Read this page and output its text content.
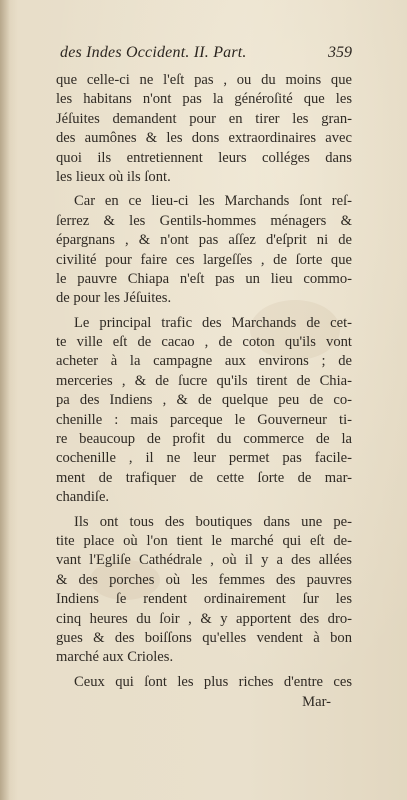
des Indes Occident. II. Part.	359

que celle-ci ne l'eſt pas , ou du moins que
les habitans n'ont pas la généroſité que les
Jéſuites demandent pour en tirer les gran-
des aumônes & les dons extraordinaires avec
quoi ils entretiennent leurs colléges dans
les lieux où ils ſont.

Car en ce lieu-ci les Marchands ſont reſ-
ſerrez & les Gentils-hommes ménagers &
épargnans , & n'ont pas aſſez d'eſprit ni de
civilité pour faire ces largeſſes , de ſorte que
le pauvre Chiapa n'eſt pas un lieu commo-
de pour les Jéſuites.

Le principal trafic des Marchands de cet-
te ville eſt de cacao , de coton qu'ils vont
acheter à la campagne aux environs ; de
merceries , & de ſucre qu'ils tirent de Chia-
pa des Indiens , & de quelque peu de co-
chenille : mais parceque le Gouverneur ti-
re beaucoup de profit du commerce de la
cochenille , il ne leur permet pas facile-
ment de trafiquer de cette ſorte de mar-
chandiſe.

Ils ont tous des boutiques dans une pe-
tite place où l'on tient le marché qui eſt de-
vant l'Egliſe Cathédrale , où il y a des allées
& des porches où les femmes des pauvres
Indiens ſe rendent ordinairement ſur les
cinq heures du ſoir , & y apportent des dro-
gues & des boiſſons qu'elles vendent à bon
marché aux Crioles.

Ceux qui ſont les plus riches d'entre ces

Mar-
